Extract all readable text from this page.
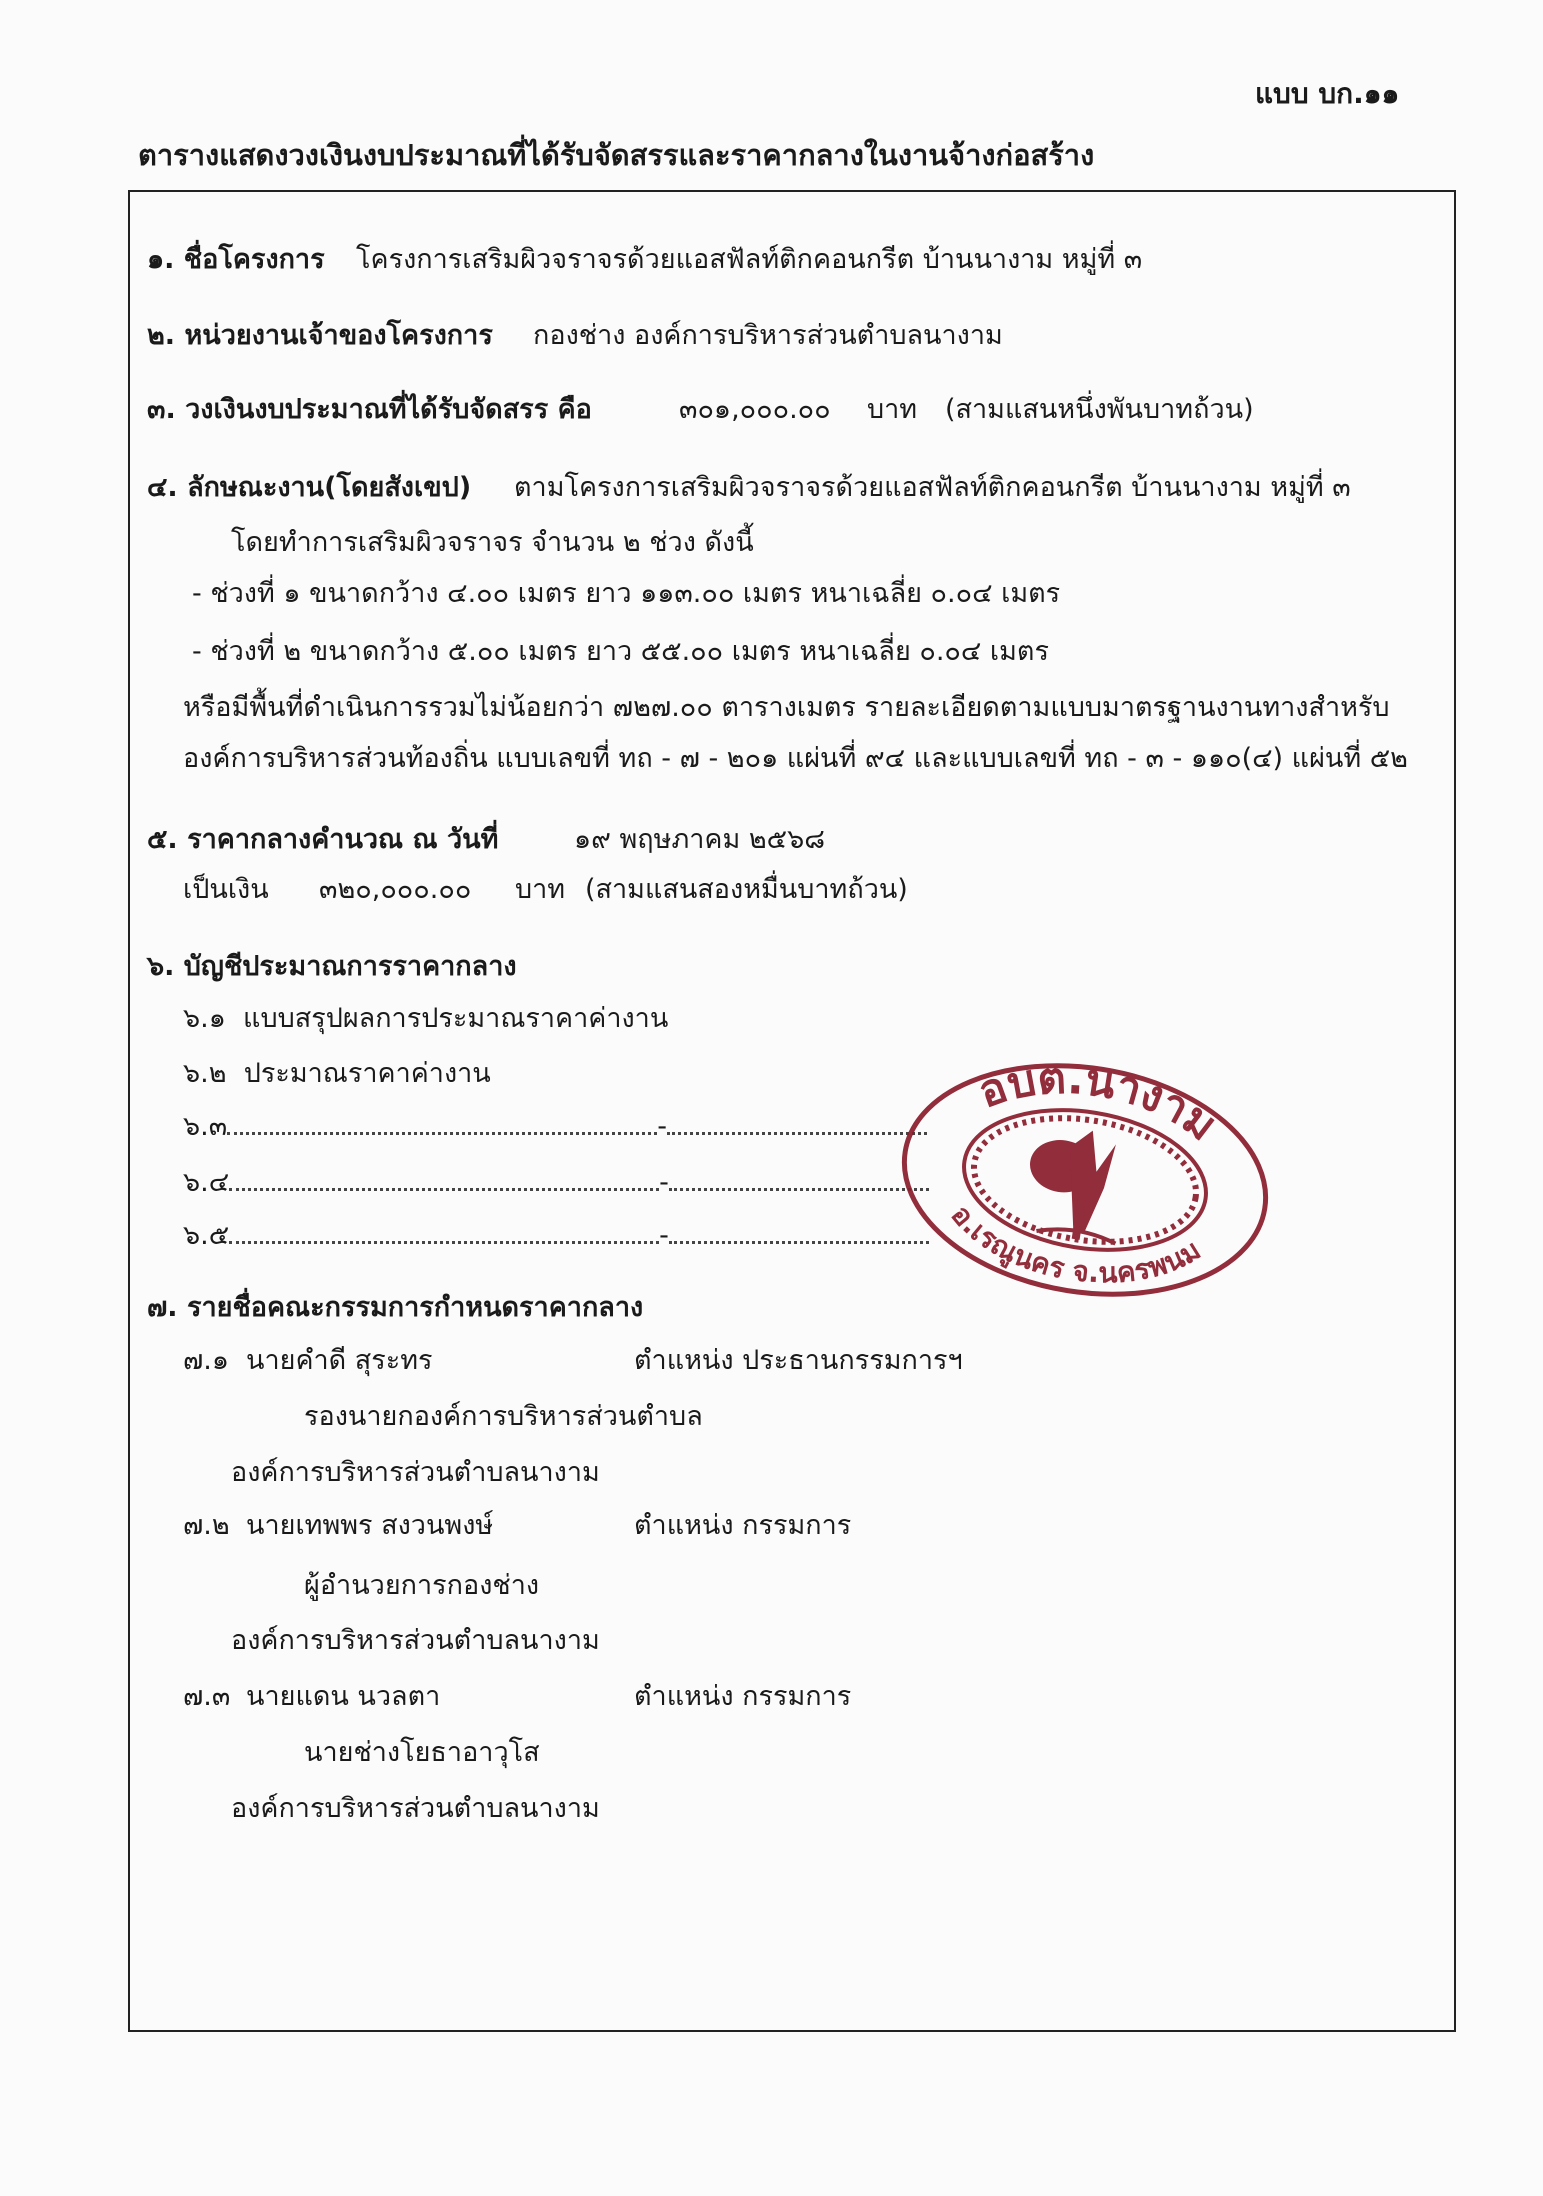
แบบ บก.๑๑
ตารางแสดงวงเงินงบประมาณที่ได้รับจัดสรรและราคากลางในงานจ้างก่อสร้าง
๑. ชื่อโครงการ โครงการเสริมผิวจราจรด้วยแอสฟัลท์ติกคอนกรีต บ้านนางาม หมู่ที่ ๓
๒. หน่วยงานเจ้าของโครงการ กองช่าง องค์การบริหารส่วนตำบลนางาม
๓. วงเงินงบประมาณที่ได้รับจัดสรร คือ	๓๐๑,๐๐๐.๐๐ บาท (สามแสนหนึ่งพันบาทถ้วน)
๔. ลักษณะงาน(โดยสังเขป) ตามโครงการเสริมผิวจราจรด้วยแอสฟัลท์ติกคอนกรีต บ้านนางาม หมู่ที่ ๓
โดยทำการเสริมผิวจราจร จำนวน ๒ ช่วง ดังนี้
- ช่วงที่ ๑ ขนาดกว้าง ๔.๐๐ เมตร ยาว ๑๑๓.๐๐ เมตร หนาเฉลี่ย ๐.๐๔ เมตร
- ช่วงที่ ๒ ขนาดกว้าง ๕.๐๐ เมตร ยาว ๕๕.๐๐ เมตร หนาเฉลี่ย ๐.๐๔ เมตร
หรือมีพื้นที่ดำเนินการรวมไม่น้อยกว่า ๗๒๗.๐๐ ตารางเมตร รายละเอียดตามแบบมาตรฐานงานทางสำหรับ
องค์การบริหารส่วนท้องถิ่น แบบเลขที่ ทถ - ๗ - ๒๐๑ แผ่นที่ ๙๔ และแบบเลขที่ ทถ - ๓ - ๑๑๐(๔) แผ่นที่ ๕๒
๕. ราคากลางคำนวณ ณ วันที่	๑๙ พฤษภาคม ๒๕๖๘
เป็นเงิน ๓๒๐,๐๐๐.๐๐ บาท (สามแสนสองหมื่นบาทถ้วน)
๖. บัญชีประมาณการราคากลาง
๖.๑ แบบสรุปผลการประมาณราคาค่างาน
๖.๒ ประมาณราคาค่างาน
๖.๓	-
๖.๔	-
๖.๕	-
๗. รายชื่อคณะกรรมการกำหนดราคากลาง
๗.๑ นายคำดี สุระทร	ตำแหน่ง ประธานกรรมการฯ
รองนายกองค์การบริหารส่วนตำบล
องค์การบริหารส่วนตำบลนางาม
๗.๒ นายเทพพร สงวนพงษ์	ตำแหน่ง กรรมการ
ผู้อำนวยการกองช่าง
องค์การบริหารส่วนตำบลนางาม
๗.๓ นายแดน นวลตา	ตำแหน่ง กรรมการ
นายช่างโยธาอาวุโส
องค์การบริหารส่วนตำบลนางาม
อบต.นางาม
อ.เรณูนคร จ.นครพนม
